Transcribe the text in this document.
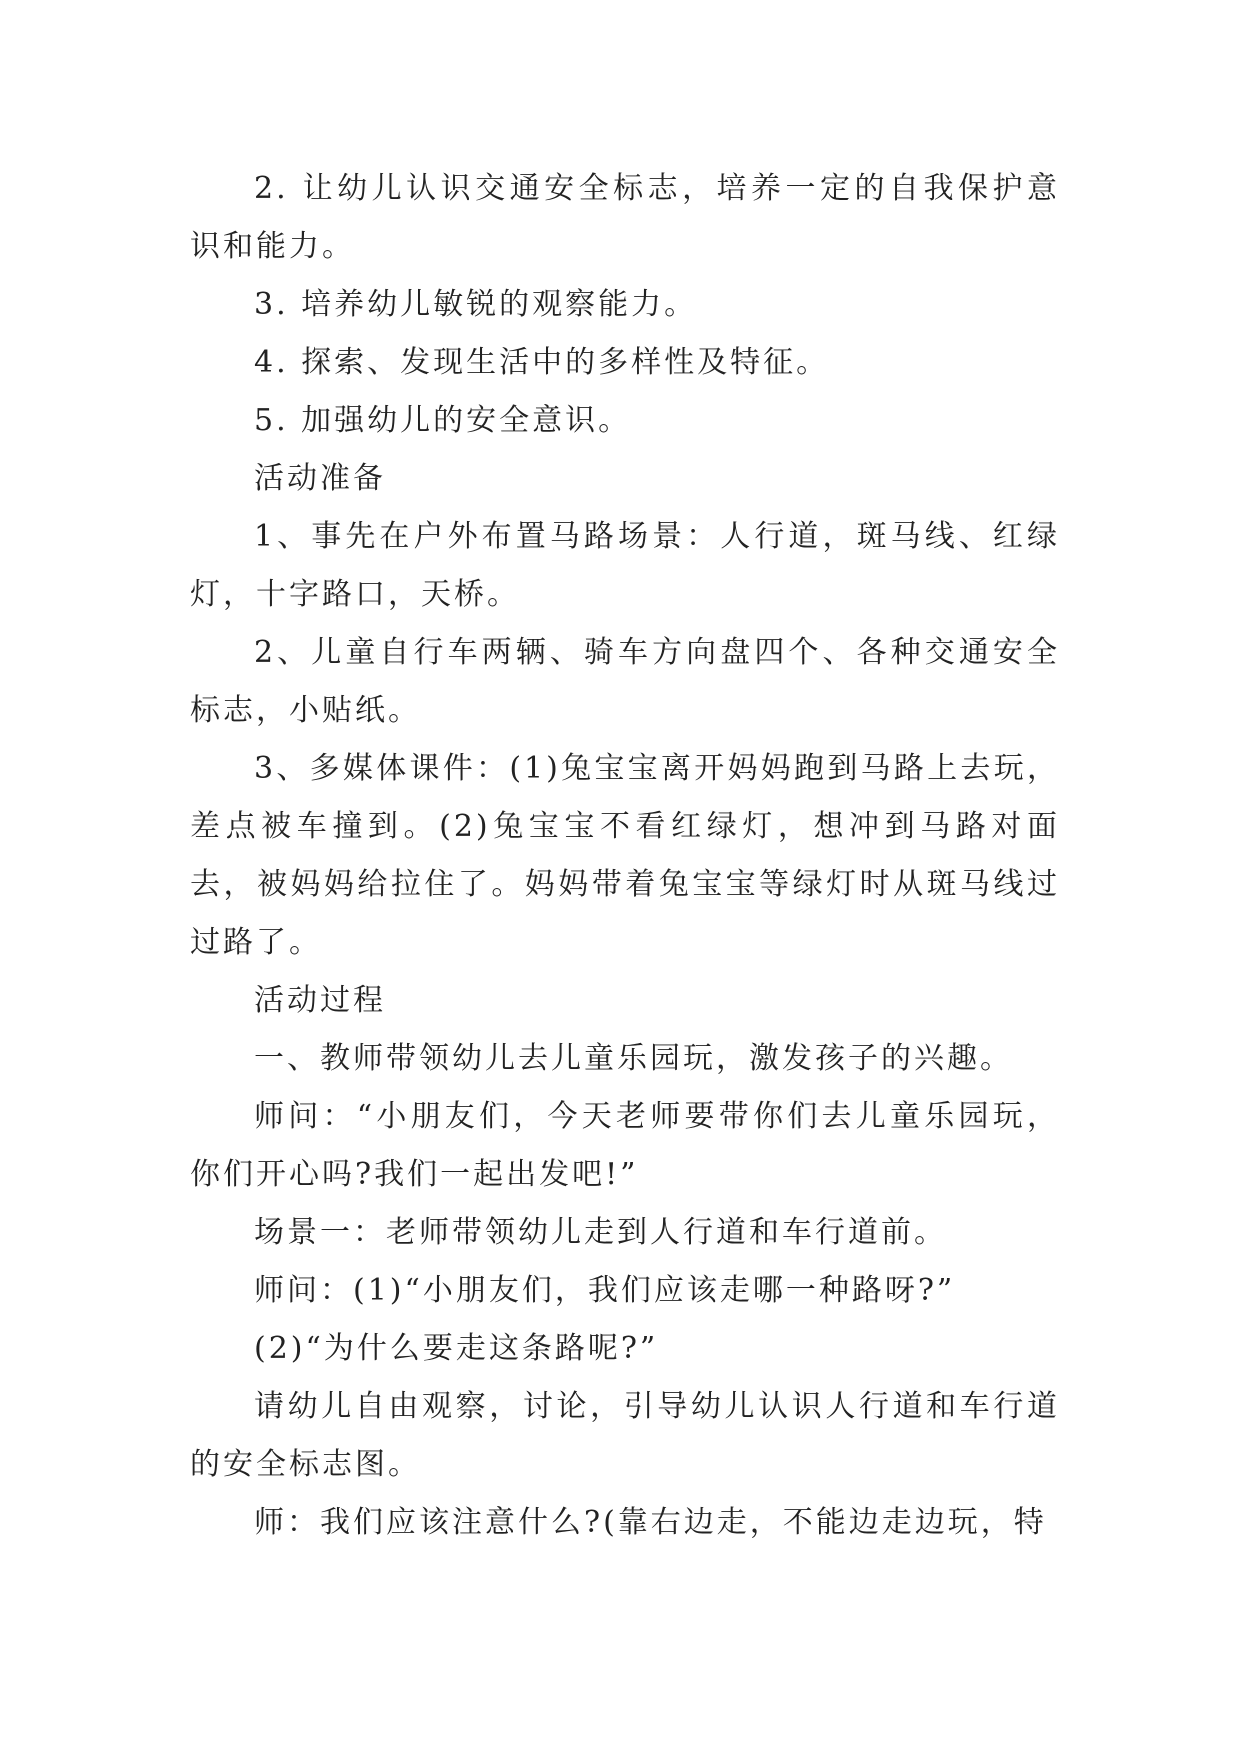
2. 让幼儿认识交通安全标志，培养一定的自我保护意识和能力。

3. 培养幼儿敏锐的观察能力。

4. 探索、发现生活中的多样性及特征。

5. 加强幼儿的安全意识。

活动准备

1、事先在户外布置马路场景：人行道，斑马线、红绿灯，十字路口，天桥。

2、儿童自行车两辆、骑车方向盘四个、各种交通安全标志，小贴纸。

3、多媒体课件：(1)兔宝宝离开妈妈跑到马路上去玩，差点被车撞到。(2)兔宝宝不看红绿灯，想冲到马路对面去，被妈妈给拉住了。妈妈带着兔宝宝等绿灯时从斑马线过过路了。

活动过程

一、教师带领幼儿去儿童乐园玩，激发孩子的兴趣。

师问：“小朋友们，今天老师要带你们去儿童乐园玩，你们开心吗?我们一起出发吧!”

场景一：老师带领幼儿走到人行道和车行道前。

师问：(1)“小朋友们，我们应该走哪一种路呀?”

(2)“为什么要走这条路呢?”

请幼儿自由观察，讨论，引导幼儿认识人行道和车行道的安全标志图。

师：我们应该注意什么?(靠右边走，不能边走边玩，特
